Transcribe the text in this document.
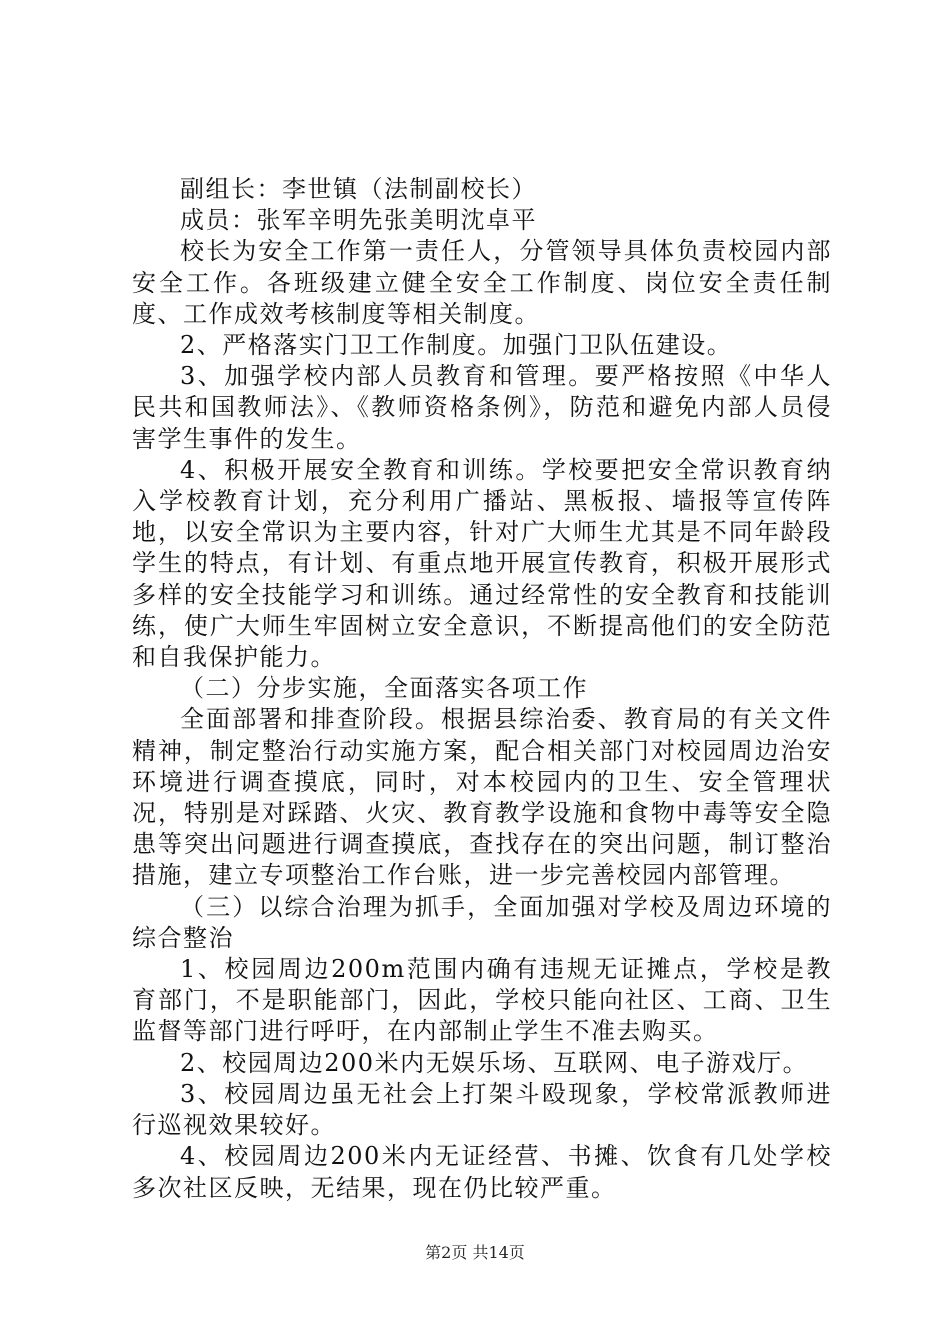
副组长：李世镇（法制副校长）

成员：张军辛明先张美明沈卓平

校长为安全工作第一责任人，分管领导具体负责校园内部安全工作。各班级建立健全安全工作制度、岗位安全责任制度、工作成效考核制度等相关制度。

2、严格落实门卫工作制度。加强门卫队伍建设。

3、加强学校内部人员教育和管理。要严格按照《中华人民共和国教师法》、《教师资格条例》，防范和避免内部人员侵害学生事件的发生。

4、积极开展安全教育和训练。学校要把安全常识教育纳入学校教育计划，充分利用广播站、黑板报、墙报等宣传阵地，以安全常识为主要内容，针对广大师生尤其是不同年龄段学生的特点，有计划、有重点地开展宣传教育，积极开展形式多样的安全技能学习和训练。通过经常性的安全教育和技能训练，使广大师生牢固树立安全意识，不断提高他们的安全防范和自我保护能力。

（二）分步实施，全面落实各项工作

全面部署和排查阶段。根据县综治委、教育局的有关文件精神，制定整治行动实施方案，配合相关部门对校园周边治安环境进行调查摸底，同时，对本校园内的卫生、安全管理状况，特别是对踩踏、火灾、教育教学设施和食物中毒等安全隐患等突出问题进行调查摸底，查找存在的突出问题，制订整治措施，建立专项整治工作台账，进一步完善校园内部管理。

（三）以综合治理为抓手，全面加强对学校及周边环境的综合整治

1、校园周边200m范围内确有违规无证摊点，学校是教育部门，不是职能部门，因此，学校只能向社区、工商、卫生监督等部门进行呼吁，在内部制止学生不准去购买。

2、校园周边200米内无娱乐场、互联网、电子游戏厅。

3、校园周边虽无社会上打架斗殴现象，学校常派教师进行巡视效果较好。

4、校园周边200米内无证经营、书摊、饮食有几处学校多次社区反映，无结果，现在仍比较严重。

第2页 共14页
